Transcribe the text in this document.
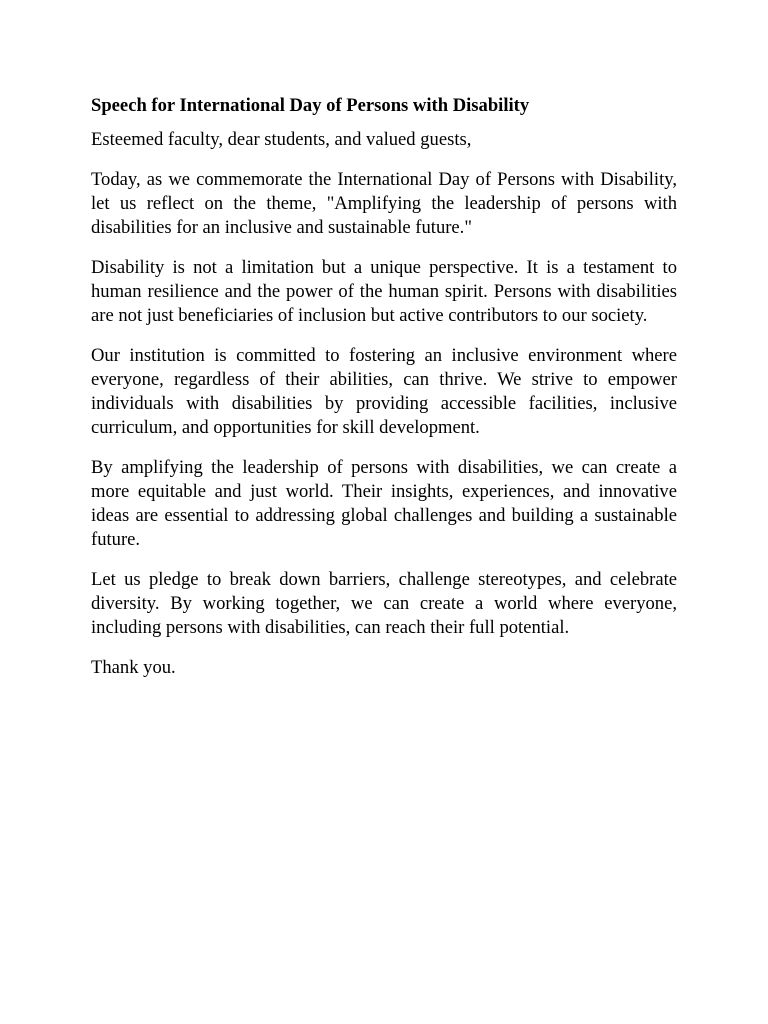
Speech for International Day of Persons with Disability
Esteemed faculty, dear students, and valued guests,
Today, as we commemorate the International Day of Persons with Disability, let us reflect on the theme, "Amplifying the leadership of persons with disabilities for an inclusive and sustainable future."
Disability is not a limitation but a unique perspective. It is a testament to human resilience and the power of the human spirit. Persons with disabilities are not just beneficiaries of inclusion but active contributors to our society.
Our institution is committed to fostering an inclusive environment where everyone, regardless of their abilities, can thrive. We strive to empower individuals with disabilities by providing accessible facilities, inclusive curriculum, and opportunities for skill development.
By amplifying the leadership of persons with disabilities, we can create a more equitable and just world. Their insights, experiences, and innovative ideas are essential to addressing global challenges and building a sustainable future.
Let us pledge to break down barriers, challenge stereotypes, and celebrate diversity. By working together, we can create a world where everyone, including persons with disabilities, can reach their full potential.
Thank you.
